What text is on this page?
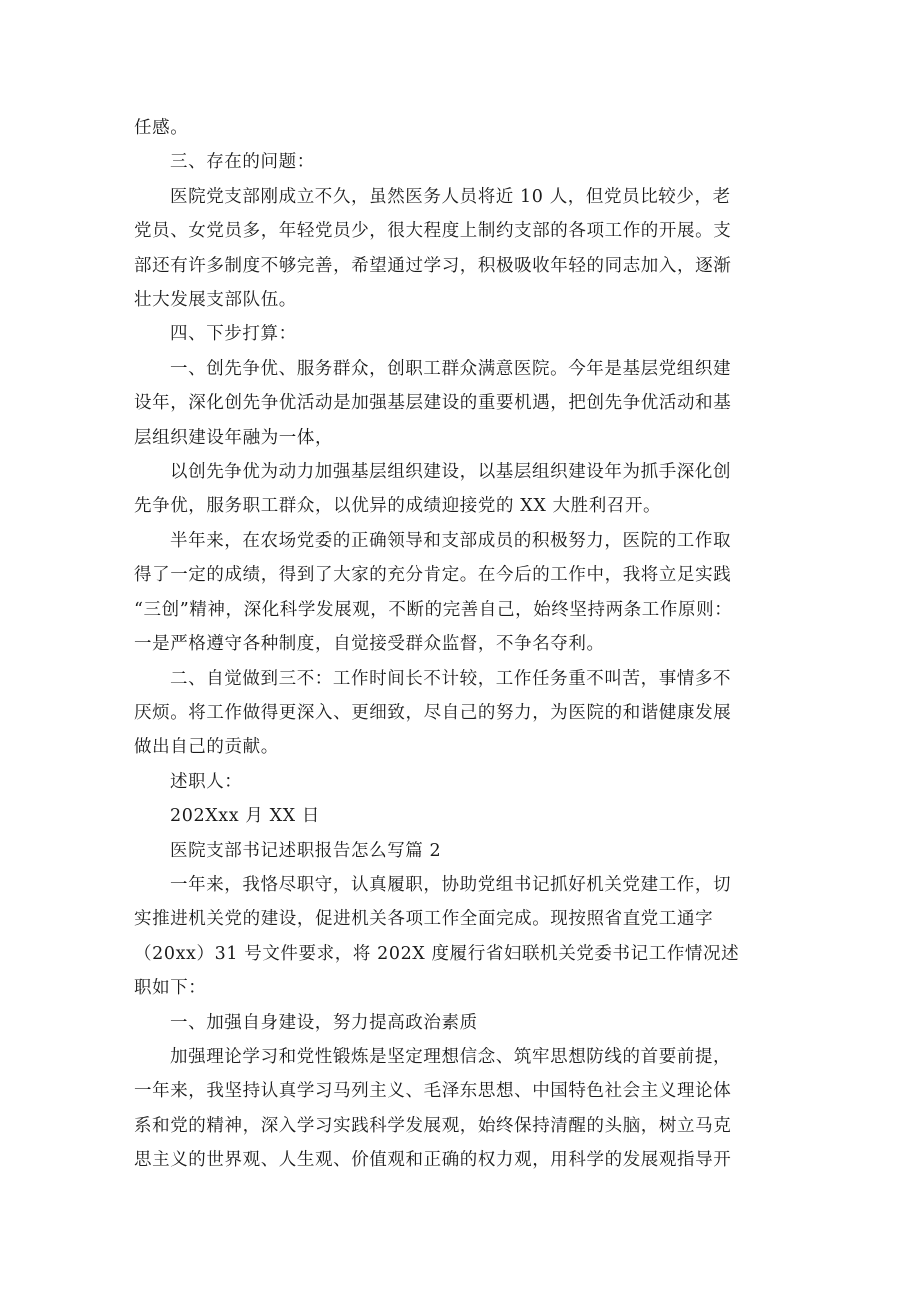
任感。
三、存在的问题：
医院党支部刚成立不久，虽然医务人员将近 10 人，但党员比较少，老
党员、女党员多，年轻党员少，很大程度上制约支部的各项工作的开展。支
部还有许多制度不够完善，希望通过学习，积极吸收年轻的同志加入，逐渐
壮大发展支部队伍。
四、下步打算：
一、创先争优、服务群众，创职工群众满意医院。今年是基层党组织建
设年，深化创先争优活动是加强基层建设的重要机遇，把创先争优活动和基
层组织建设年融为一体，
以创先争优为动力加强基层组织建设，以基层组织建设年为抓手深化创
先争优，服务职工群众，以优异的成绩迎接党的 XX 大胜利召开。
半年来，在农场党委的正确领导和支部成员的积极努力，医院的工作取
得了一定的成绩，得到了大家的充分肯定。在今后的工作中，我将立足实践
“三创”精神，深化科学发展观，不断的完善自己，始终坚持两条工作原则：
一是严格遵守各种制度，自觉接受群众监督，不争名夺利。
二、自觉做到三不：工作时间长不计较，工作任务重不叫苦，事情多不
厌烦。将工作做得更深入、更细致，尽自己的努力，为医院的和谐健康发展
做出自己的贡献。
述职人：
202Xxx 月 XX 日
医院支部书记述职报告怎么写篇 2
一年来，我恪尽职守，认真履职，协助党组书记抓好机关党建工作，切
实推进机关党的建设，促进机关各项工作全面完成。现按照省直党工通字
（20xx）31 号文件要求，将 202X 度履行省妇联机关党委书记工作情况述
职如下：
一、加强自身建设，努力提高政治素质
加强理论学习和党性锻炼是坚定理想信念、筑牢思想防线的首要前提，
一年来，我坚持认真学习马列主义、毛泽东思想、中国特色社会主义理论体
系和党的精神，深入学习实践科学发展观，始终保持清醒的头脑，树立马克
思主义的世界观、人生观、价值观和正确的权力观，用科学的发展观指导开
